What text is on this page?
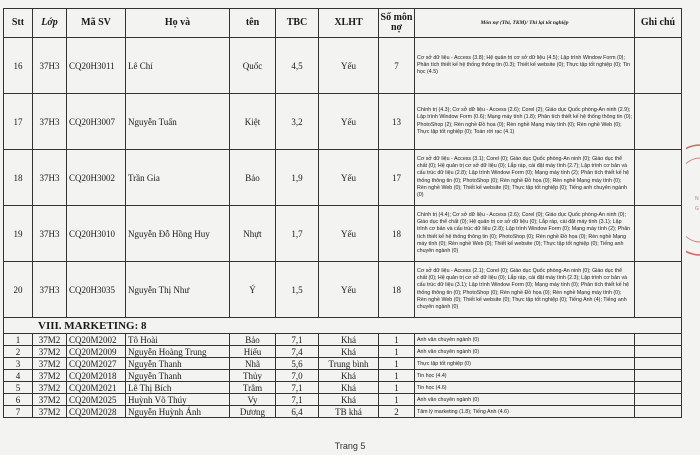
Stt	Lớp	Mã SV	Họ và	tên	TBC	XLHT	Số môn nợ	Môn nợ (Thi, TKM)/ Thi lại tốt nghiệp	Ghi chú
16	37H3	CQ20H3011	Lê Chí	Quốc	4,5	Yếu	7	Cơ sở dữ liệu - Access (3.8); Hệ quản trị cơ sở dữ liệu (4.5); Lập trình Window Form (0); Phân tích thiết kế hệ thống thông tin (0.3); Thiết kế website (0); Thực tập tốt nghiệp (0); Tin học (4.5)	
17	37H3	CQ20H3007	Nguyễn Tuấn	Kiệt	3,2	Yếu	13	Chính trị (4.3); Cơ sở dữ liệu - Access (2.6); Corel (2); Giáo dục Quốc phòng-An ninh (2.9); Lập trình Window Form (0.6); Mạng máy tính (1.8); Phân tích thiết kế hệ thống thông tin (0); PhotoShop (2); Rèn nghề Đồ họa (0); Rèn nghề Mạng máy tính (0); Rèn nghề Web (0); Thực tập tốt nghiệp (0); Toán rời rạc (4.1)	
18	37H3	CQ20H3002	Trần Gia	Bảo	1,9	Yếu	17	Cơ sở dữ liệu - Access (3.1); Corel (0); Giáo dục Quốc phòng-An ninh (0); Giáo dục thể chất (0); Hệ quản trị cơ sở dữ liệu (0); Lắp ráp, cài đặt máy tính (2.7); Lập trình cơ bản và cấu trúc dữ liệu (2.8); Lập trình Window Form (0); Mạng máy tính (2); Phân tích thiết kế hệ thống thông tin (0); PhotoShop (0); Rèn nghề Đồ họa (0); Rèn nghề Mạng máy tính (0); Rèn nghề Web (0); Thiết kế website (0); Thực tập tốt nghiệp (0); Tiếng anh chuyên ngành (0)	
19	37H3	CQ20H3010	Nguyễn Đỗ Hồng Huy	Nhựt	1,7	Yếu	18	Chính trị (4.4); Cơ sở dữ liệu - Access (2.6); Corel (0); Giáo dục Quốc phòng-An ninh (0); Giáo dục thể chất (0); Hệ quản trị cơ sở dữ liệu (0); Lắp ráp, cài đặt máy tính (3.1); Lập trình cơ bản và cấu trúc dữ liệu (2.8); Lập trình Window Form (0); Mạng máy tính (2); Phân tích thiết kế hệ thống thông tin (0); PhotoShop (0); Rèn nghề Đồ họa (0); Rèn nghề Mạng máy tính (0); Rèn nghề Web (0); Thiết kế website (0); Thực tập tốt nghiệp (0); Tiếng anh chuyên ngành (0)	
20	37H3	CQ20H3035	Nguyễn Thị Như	Ý	1,5	Yếu	18	Cơ sở dữ liệu - Access (2.1); Corel (0); Giáo dục Quốc phòng-An ninh (0); Giáo dục thể chất (0); Hệ quản trị cơ sở dữ liệu (0); Lắp ráp, cài đặt máy tính (2.3); Lập trình cơ bản và cấu trúc dữ liệu (3.1); Lập trình Window Form (0); Mạng máy tính (0); Phân tích thiết kế hệ thống thông tin (0); PhotoShop (0); Rèn nghề Đồ họa (0); Rèn nghề Mạng máy tính (0); Rèn nghề Web (0); Thiết kế website (0); Thực tập tốt nghiệp (0); Tiếng Anh (4); Tiếng anh chuyên ngành (0)	
VIII. MARKETING: 8									
1	37M2	CQ20M2002	Tô Hoài	Bảo	7,1	Khá	1	Anh văn chuyên ngành (0)	
2	37M2	CQ20M2009	Nguyễn Hoàng Trung	Hiếu	7,4	Khá	1	Anh văn chuyên ngành (0)	
3	37M2	CQ20M2027	Nguyễn Thanh	Nhã	5,6	Trung bình	1	Thực tập tốt nghiệp (0)	
4	37M2	CQ20M2018	Nguyễn Thanh	Thủy	7,0	Khá	1	Tin học (4.4)	
5	37M2	CQ20M2021	Lê Thị Bích	Trâm	7,1	Khá	1	Tin học (4.6)	
6	37M2	CQ20M2025	Huỳnh Võ Thúy	Vy	7,1	Khá	1	Anh văn chuyên ngành (0)	
7	37M2	CQ20M2028	Nguyễn Huỳnh Ánh	Dương	6,4	TB khá	2	Tâm lý marketing (1.8); Tiếng Anh (4.6)	
N
G
Trang 5
